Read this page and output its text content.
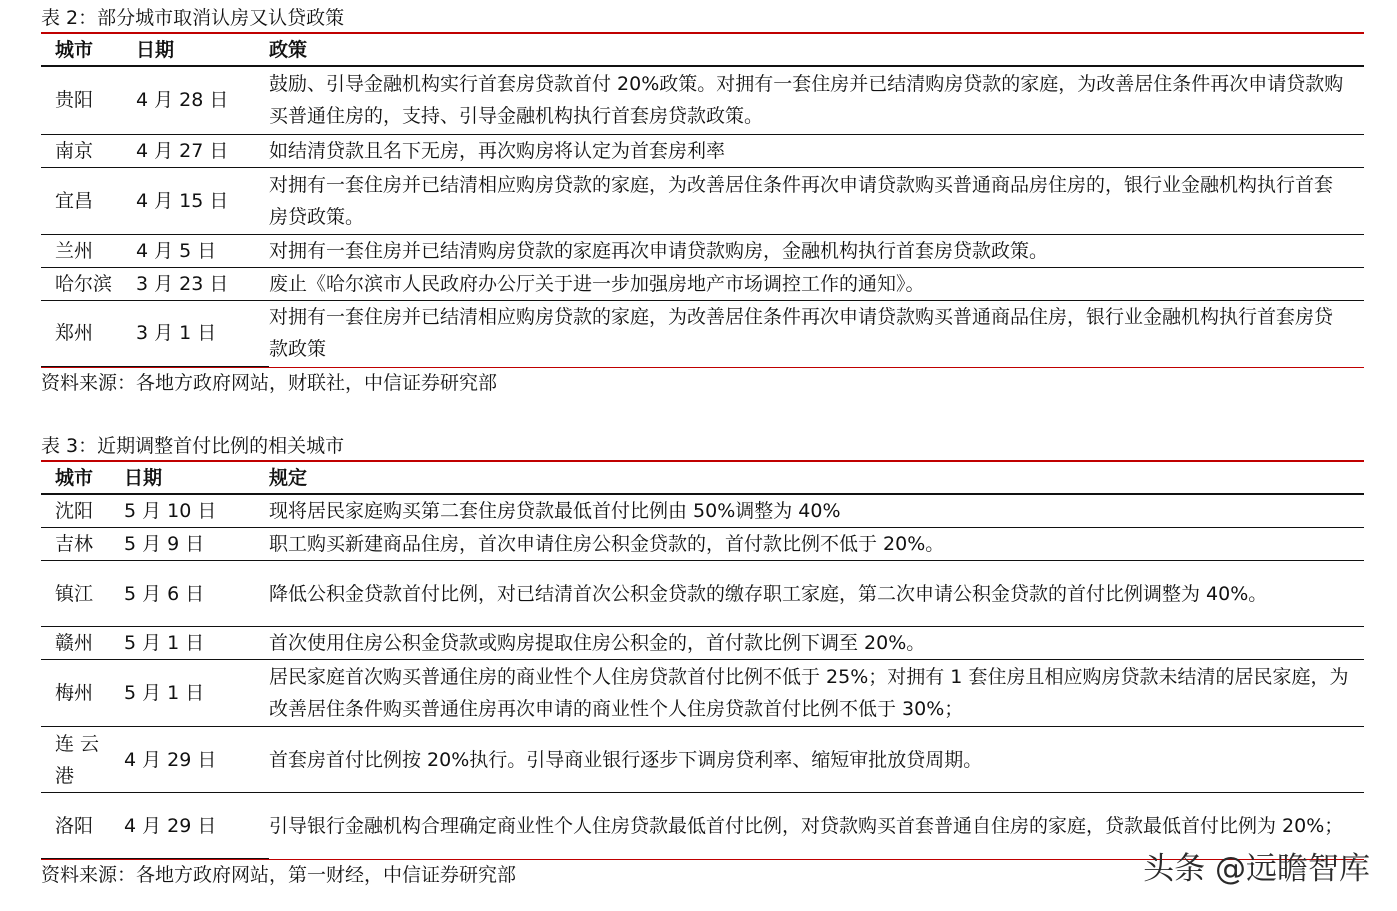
表 2：部分城市取消认房又认贷政策
城市	日期	政策
贵阳	4 月 28 日	鼓励、引导金融机构实行首套房贷款首付 20%政策。对拥有一套住房并已结清购房贷款的家庭，为改善居住条件再次申请贷款购买普通住房的，支持、引导金融机构执行首套房贷款政策。
南京	4 月 27 日	如结清贷款且名下无房，再次购房将认定为首套房利率
宜昌	4 月 15 日	对拥有一套住房并已结清相应购房贷款的家庭，为改善居住条件再次申请贷款购买普通商品房住房的，银行业金融机构执行首套房贷政策。
兰州	4 月 5 日	对拥有一套住房并已结清购房贷款的家庭再次申请贷款购房，金融机构执行首套房贷款政策。
哈尔滨	3 月 23 日	废止《哈尔滨市人民政府办公厅关于进一步加强房地产市场调控工作的通知》。
郑州	3 月 1 日	对拥有一套住房并已结清相应购房贷款的家庭，为改善居住条件再次申请贷款购买普通商品住房，银行业金融机构执行首套房贷款政策
资料来源：各地方政府网站，财联社，中信证券研究部
表 3：近期调整首付比例的相关城市
城市	日期	规定
沈阳	5 月 10 日	现将居民家庭购买第二套住房贷款最低首付比例由 50%调整为 40%
吉林	5 月 9 日	职工购买新建商品住房，首次申请住房公积金贷款的，首付款比例不低于 20%。
镇江	5 月 6 日	降低公积金贷款首付比例，对已结清首次公积金贷款的缴存职工家庭，第二次申请公积金贷款的首付比例调整为 40%。
赣州	5 月 1 日	首次使用住房公积金贷款或购房提取住房公积金的，首付款比例下调至 20%。
梅州	5 月 1 日	居民家庭首次购买普通住房的商业性个人住房贷款首付比例不低于 25%；对拥有 1 套住房且相应购房贷款未结清的居民家庭，为改善居住条件购买普通住房再次申请的商业性个人住房贷款首付比例不低于 30%；
连 云 港	4 月 29 日	首套房首付比例按 20%执行。引导商业银行逐步下调房贷利率、缩短审批放贷周期。
洛阳	4 月 29 日	引导银行金融机构合理确定商业性个人住房贷款最低首付比例，对贷款购买首套普通自住房的家庭，贷款最低首付比例为 20%；
资料来源：各地方政府网站，第一财经，中信证券研究部	头条 @远瞻智库
